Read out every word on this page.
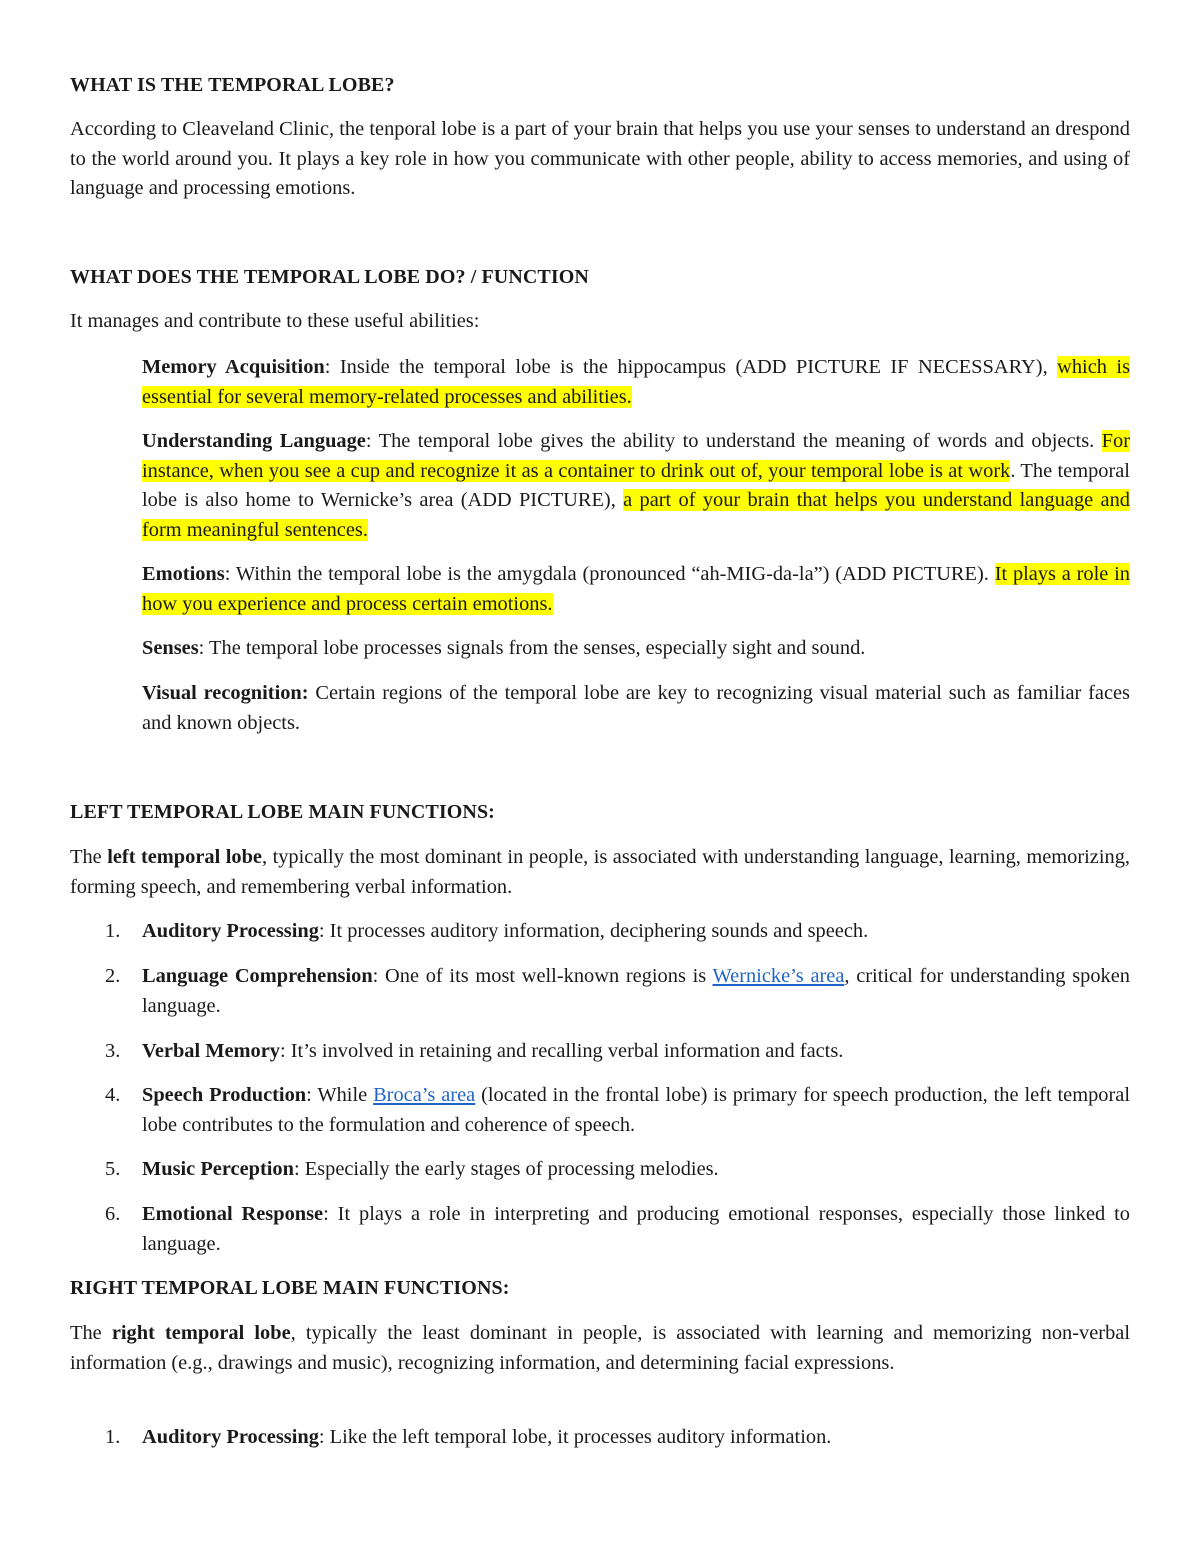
WHAT IS THE TEMPORAL LOBE?

According to Cleaveland Clinic, the tenporal lobe is a part of your brain that helps you use your senses to understand an drespond to the world around you. It plays a key role in how you communicate with other people, ability to access memories, and using of language and processing emotions.

WHAT DOES THE TEMPORAL LOBE DO? / FUNCTION

It manages and contribute to these useful abilities:

Memory Acquisition: Inside the temporal lobe is the hippocampus (ADD PICTURE IF NECESSARY), which is essential for several memory-related processes and abilities.

Understanding Language: The temporal lobe gives the ability to understand the meaning of words and objects. For instance, when you see a cup and recognize it as a container to drink out of, your temporal lobe is at work. The temporal lobe is also home to Wernicke’s area (ADD PICTURE), a part of your brain that helps you understand language and form meaningful sentences.

Emotions: Within the temporal lobe is the amygdala (pronounced “ah-MIG-da-la”) (ADD PICTURE). It plays a role in how you experience and process certain emotions.

Senses: The temporal lobe processes signals from the senses, especially sight and sound.

Visual recognition: Certain regions of the temporal lobe are key to recognizing visual material such as familiar faces and known objects.

LEFT TEMPORAL LOBE MAIN FUNCTIONS:

The left temporal lobe, typically the most dominant in people, is associated with understanding language, learning, memorizing, forming speech, and remembering verbal information.

1. Auditory Processing: It processes auditory information, deciphering sounds and speech.

2. Language Comprehension: One of its most well-known regions is Wernicke’s area, critical for understanding spoken language.

3. Verbal Memory: It’s involved in retaining and recalling verbal information and facts.

4. Speech Production: While Broca’s area (located in the frontal lobe) is primary for speech production, the left temporal lobe contributes to the formulation and coherence of speech.

5. Music Perception: Especially the early stages of processing melodies.

6. Emotional Response: It plays a role in interpreting and producing emotional responses, especially those linked to language.

RIGHT TEMPORAL LOBE MAIN FUNCTIONS:

The right temporal lobe, typically the least dominant in people, is associated with learning and memorizing non-verbal information (e.g., drawings and music), recognizing information, and determining facial expressions.

1. Auditory Processing: Like the left temporal lobe, it processes auditory information.
